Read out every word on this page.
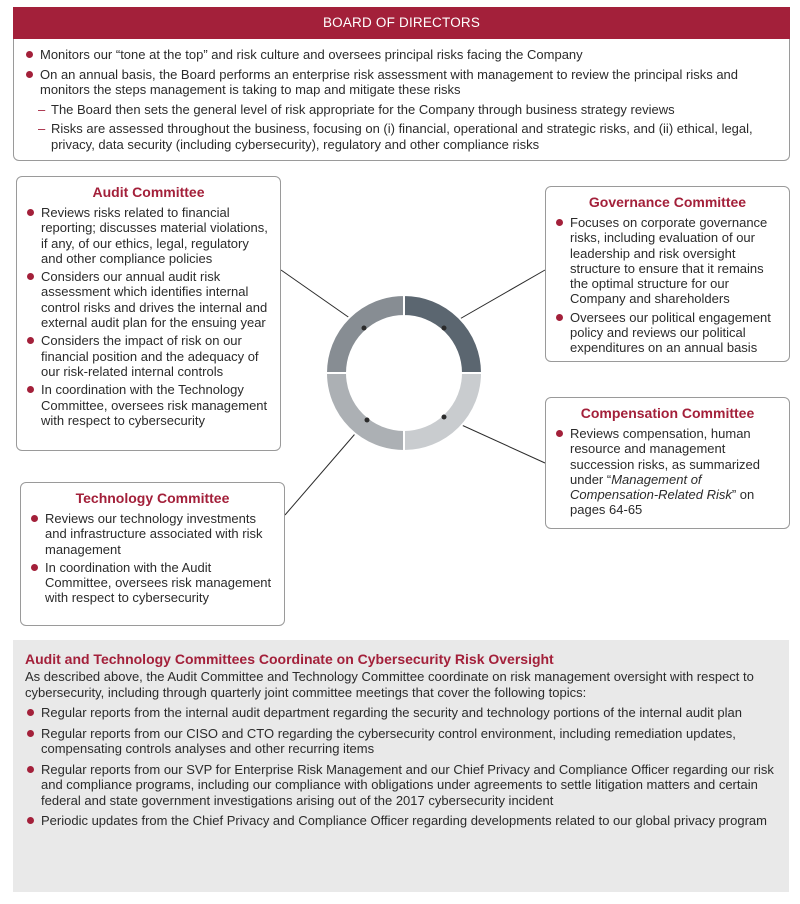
BOARD OF DIRECTORS
Monitors our “tone at the top” and risk culture and oversees principal risks facing the Company
On an annual basis, the Board performs an enterprise risk assessment with management to review the principal risks and monitors the steps management is taking to map and mitigate these risks
– The Board then sets the general level of risk appropriate for the Company through business strategy reviews
– Risks are assessed throughout the business, focusing on (i) financial, operational and strategic risks, and (ii) ethical, legal, privacy, data security (including cybersecurity), regulatory and other compliance risks
Audit Committee
Reviews risks related to financial reporting; discusses material violations, if any, of our ethics, legal, regulatory and other compliance policies
Considers our annual audit risk assessment which identifies internal control risks and drives the internal and external audit plan for the ensuing year
Considers the impact of risk on our financial position and the adequacy of our risk-related internal controls
In coordination with the Technology Committee, oversees risk management with respect to cybersecurity
Governance Committee
Focuses on corporate governance risks, including evaluation of our leadership and risk oversight structure to ensure that it remains the optimal structure for our Company and shareholders
Oversees our political engagement policy and reviews our political expenditures on an annual basis
Compensation Committee
Reviews compensation, human resource and management succession risks, as summarized under “Management of Compensation-Related Risk” on pages 64-65
Technology Committee
Reviews our technology investments and infrastructure associated with risk management
In coordination with the Audit Committee, oversees risk management with respect to cybersecurity
Audit and Technology Committees Coordinate on Cybersecurity Risk Oversight

As described above, the Audit Committee and Technology Committee coordinate on risk management oversight with respect to cybersecurity, including through quarterly joint committee meetings that cover the following topics:

Regular reports from the internal audit department regarding the security and technology portions of the internal audit plan
Regular reports from our CISO and CTO regarding the cybersecurity control environment, including remediation updates, compensating controls analyses and other recurring items
Regular reports from our SVP for Enterprise Risk Management and our Chief Privacy and Compliance Officer regarding our risk and compliance programs, including our compliance with obligations under agreements to settle litigation matters and certain federal and state government investigations arising out of the 2017 cybersecurity incident
Periodic updates from the Chief Privacy and Compliance Officer regarding developments related to our global privacy program
